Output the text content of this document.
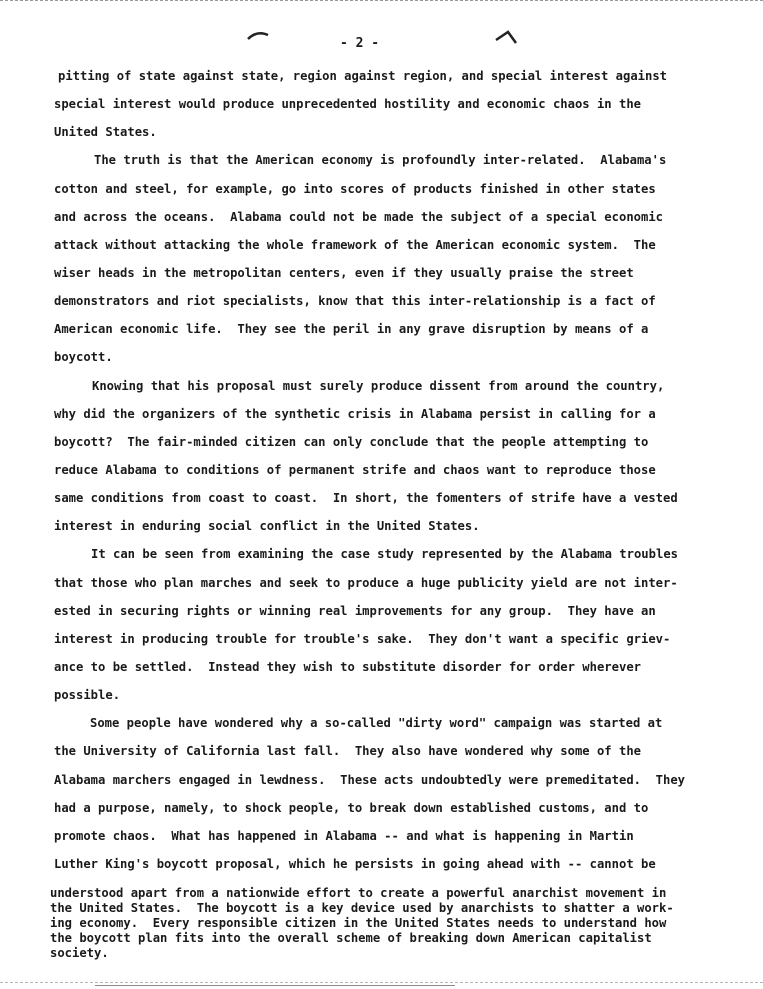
- 2 -
pitting of state against state, region against region, and special interest against
special interest would produce unprecedented hostility and economic chaos in the
United States.
The truth is that the American economy is profoundly inter-related.  Alabama's
cotton and steel, for example, go into scores of products finished in other states
and across the oceans.  Alabama could not be made the subject of a special economic
attack without attacking the whole framework of the American economic system.  The
wiser heads in the metropolitan centers, even if they usually praise the street
demonstrators and riot specialists, know that this inter-relationship is a fact of
American economic life.  They see the peril in any grave disruption by means of a
boycott.
Knowing that his proposal must surely produce dissent from around the country,
why did the organizers of the synthetic crisis in Alabama persist in calling for a
boycott?  The fair-minded citizen can only conclude that the people attempting to
reduce Alabama to conditions of permanent strife and chaos want to reproduce those
same conditions from coast to coast.  In short, the fomenters of strife have a vested
interest in enduring social conflict in the United States.
It can be seen from examining the case study represented by the Alabama troubles
that those who plan marches and seek to produce a huge publicity yield are not inter-
ested in securing rights or winning real improvements for any group.  They have an
interest in producing trouble for trouble's sake.  They don't want a specific griev-
ance to be settled.  Instead they wish to substitute disorder for order wherever
possible.
Some people have wondered why a so-called "dirty word" campaign was started at
the University of California last fall.  They also have wondered why some of the
Alabama marchers engaged in lewdness.  These acts undoubtedly were premeditated.  They
had a purpose, namely, to shock people, to break down established customs, and to
promote chaos.  What has happened in Alabama -- and what is happening in Martin
Luther King's boycott proposal, which he persists in going ahead with -- cannot be
understood apart from a nationwide effort to create a powerful anarchist movement in
the United States.  The boycott is a key device used by anarchists to shatter a work-
ing economy.  Every responsible citizen in the United States needs to understand how
the boycott plan fits into the overall scheme of breaking down American capitalist
society.
